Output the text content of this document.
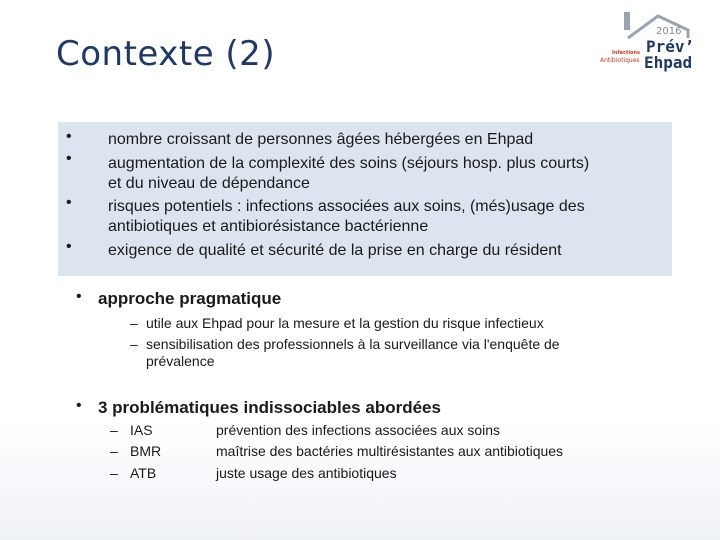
Contexte (2)
2016
Prév’
Ehpad
Infections
Antibiotiques
•
•
•
•
nombre croissant de personnes âgées hébergées en Ehpad
augmentation de la complexité des soins (séjours hosp. plus courts)
et du niveau de dépendance
risques potentiels : infections associées aux soins, (més)usage des
antibiotiques et antibiorésistance bactérienne
exigence de qualité et sécurité de la prise en charge du résident
• approche pragmatique
– utile aux Ehpad pour la mesure et la gestion du risque infectieux
– sensibilisation des professionnels à la surveillance via l'enquête de
prévalence
• 3 problématiques indissociables abordées
– IAS	prévention des infections associées aux soins
– BMR	maîtrise des bactéries multirésistantes aux antibiotiques
– ATB	juste usage des antibiotiques
